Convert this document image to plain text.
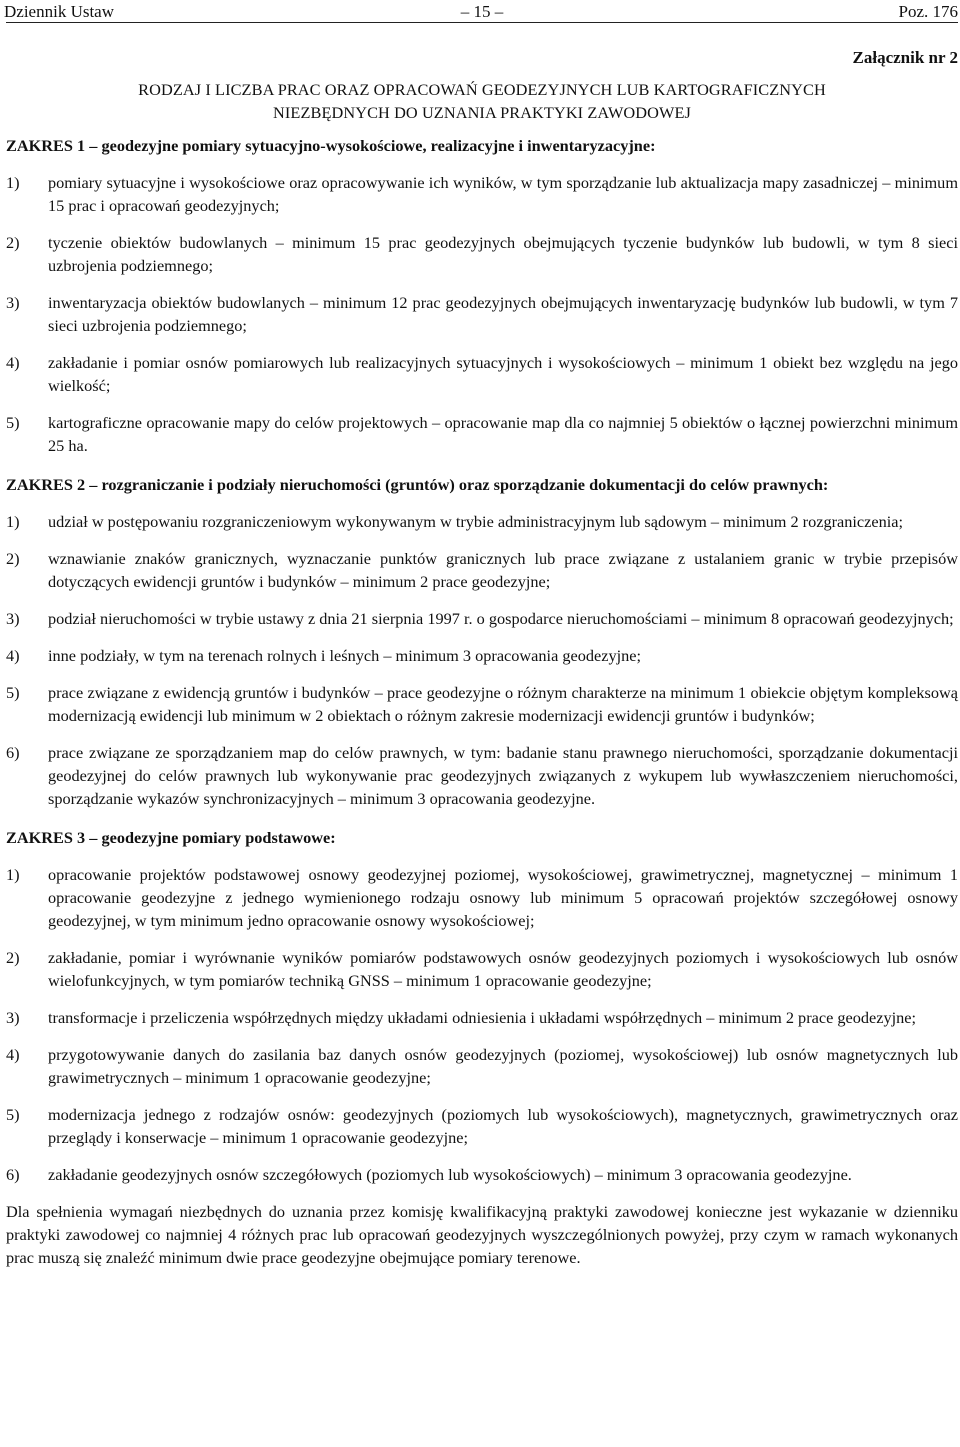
Dziennik Ustaw	– 15 –	Poz. 176
Załącznik nr 2
RODZAJ I LICZBA PRAC ORAZ OPRACOWAŃ GEODEZYJNYCH LUB KARTOGRAFICZNYCH
NIEZBĘDNYCH DO UZNANIA PRAKTYKI ZAWODOWEJ
ZAKRES 1 – geodezyjne pomiary sytuacyjno-wysokościowe, realizacyjne i inwentaryzacyjne:
1) pomiary sytuacyjne i wysokościowe oraz opracowywanie ich wyników, w tym sporządzanie lub aktualizacja mapy zasadniczej – minimum 15 prac i opracowań geodezyjnych;
2) tyczenie obiektów budowlanych – minimum 15 prac geodezyjnych obejmujących tyczenie budynków lub budowli, w tym 8 sieci uzbrojenia podziemnego;
3) inwentaryzacja obiektów budowlanych – minimum 12 prac geodezyjnych obejmujących inwentaryzację budynków lub budowli, w tym 7 sieci uzbrojenia podziemnego;
4) zakładanie i pomiar osnów pomiarowych lub realizacyjnych sytuacyjnych i wysokościowych – minimum 1 obiekt bez względu na jego wielkość;
5) kartograficzne opracowanie mapy do celów projektowych – opracowanie map dla co najmniej 5 obiektów o łącznej powierzchni minimum 25 ha.
ZAKRES 2 – rozgraniczanie i podziały nieruchomości (gruntów) oraz sporządzanie dokumentacji do celów prawnych:
1) udział w postępowaniu rozgraniczeniowym wykonywanym w trybie administracyjnym lub sądowym – minimum 2 rozgraniczenia;
2) wznawianie znaków granicznych, wyznaczanie punktów granicznych lub prace związane z ustalaniem granic w trybie przepisów dotyczących ewidencji gruntów i budynków – minimum 2 prace geodezyjne;
3) podział nieruchomości w trybie ustawy z dnia 21 sierpnia 1997 r. o gospodarce nieruchomościami – minimum 8 opracowań geodezyjnych;
4) inne podziały, w tym na terenach rolnych i leśnych – minimum 3 opracowania geodezyjne;
5) prace związane z ewidencją gruntów i budynków – prace geodezyjne o różnym charakterze na minimum 1 obiekcie objętym kompleksową modernizacją ewidencji lub minimum w 2 obiektach o różnym zakresie modernizacji ewidencji gruntów i budynków;
6) prace związane ze sporządzaniem map do celów prawnych, w tym: badanie stanu prawnego nieruchomości, sporządzanie dokumentacji geodezyjnej do celów prawnych lub wykonywanie prac geodezyjnych związanych z wykupem lub wywłaszczeniem nieruchomości, sporządzanie wykazów synchronizacyjnych – minimum 3 opracowania geodezyjne.
ZAKRES 3 – geodezyjne pomiary podstawowe:
1) opracowanie projektów podstawowej osnowy geodezyjnej poziomej, wysokościowej, grawimetrycznej, magnetycznej – minimum 1 opracowanie geodezyjne z jednego wymienionego rodzaju osnowy lub minimum 5 opracowań projektów szczegółowej osnowy geodezyjnej, w tym minimum jedno opracowanie osnowy wysokościowej;
2) zakładanie, pomiar i wyrównanie wyników pomiarów podstawowych osnów geodezyjnych poziomych i wysokościowych lub osnów wielofunkcyjnych, w tym pomiarów techniką GNSS – minimum 1 opracowanie geodezyjne;
3) transformacje i przeliczenia współrzędnych między układami odniesienia i układami współrzędnych – minimum 2 prace geodezyjne;
4) przygotowywanie danych do zasilania baz danych osnów geodezyjnych (poziomej, wysokościowej) lub osnów magnetycznych lub grawimetrycznych – minimum 1 opracowanie geodezyjne;
5) modernizacja jednego z rodzajów osnów: geodezyjnych (poziomych lub wysokościowych), magnetycznych, grawimetrycznych oraz przeglądy i konserwacje – minimum 1 opracowanie geodezyjne;
6) zakładanie geodezyjnych osnów szczegółowych (poziomych lub wysokościowych) – minimum 3 opracowania geodezyjne.
Dla spełnienia wymagań niezbędnych do uznania przez komisję kwalifikacyjną praktyki zawodowej konieczne jest wykazanie w dzienniku praktyki zawodowej co najmniej 4 różnych prac lub opracowań geodezyjnych wyszczególnionych powyżej, przy czym w ramach wykonanych prac muszą się znaleźć minimum dwie prace geodezyjne obejmujące pomiary terenowe.
